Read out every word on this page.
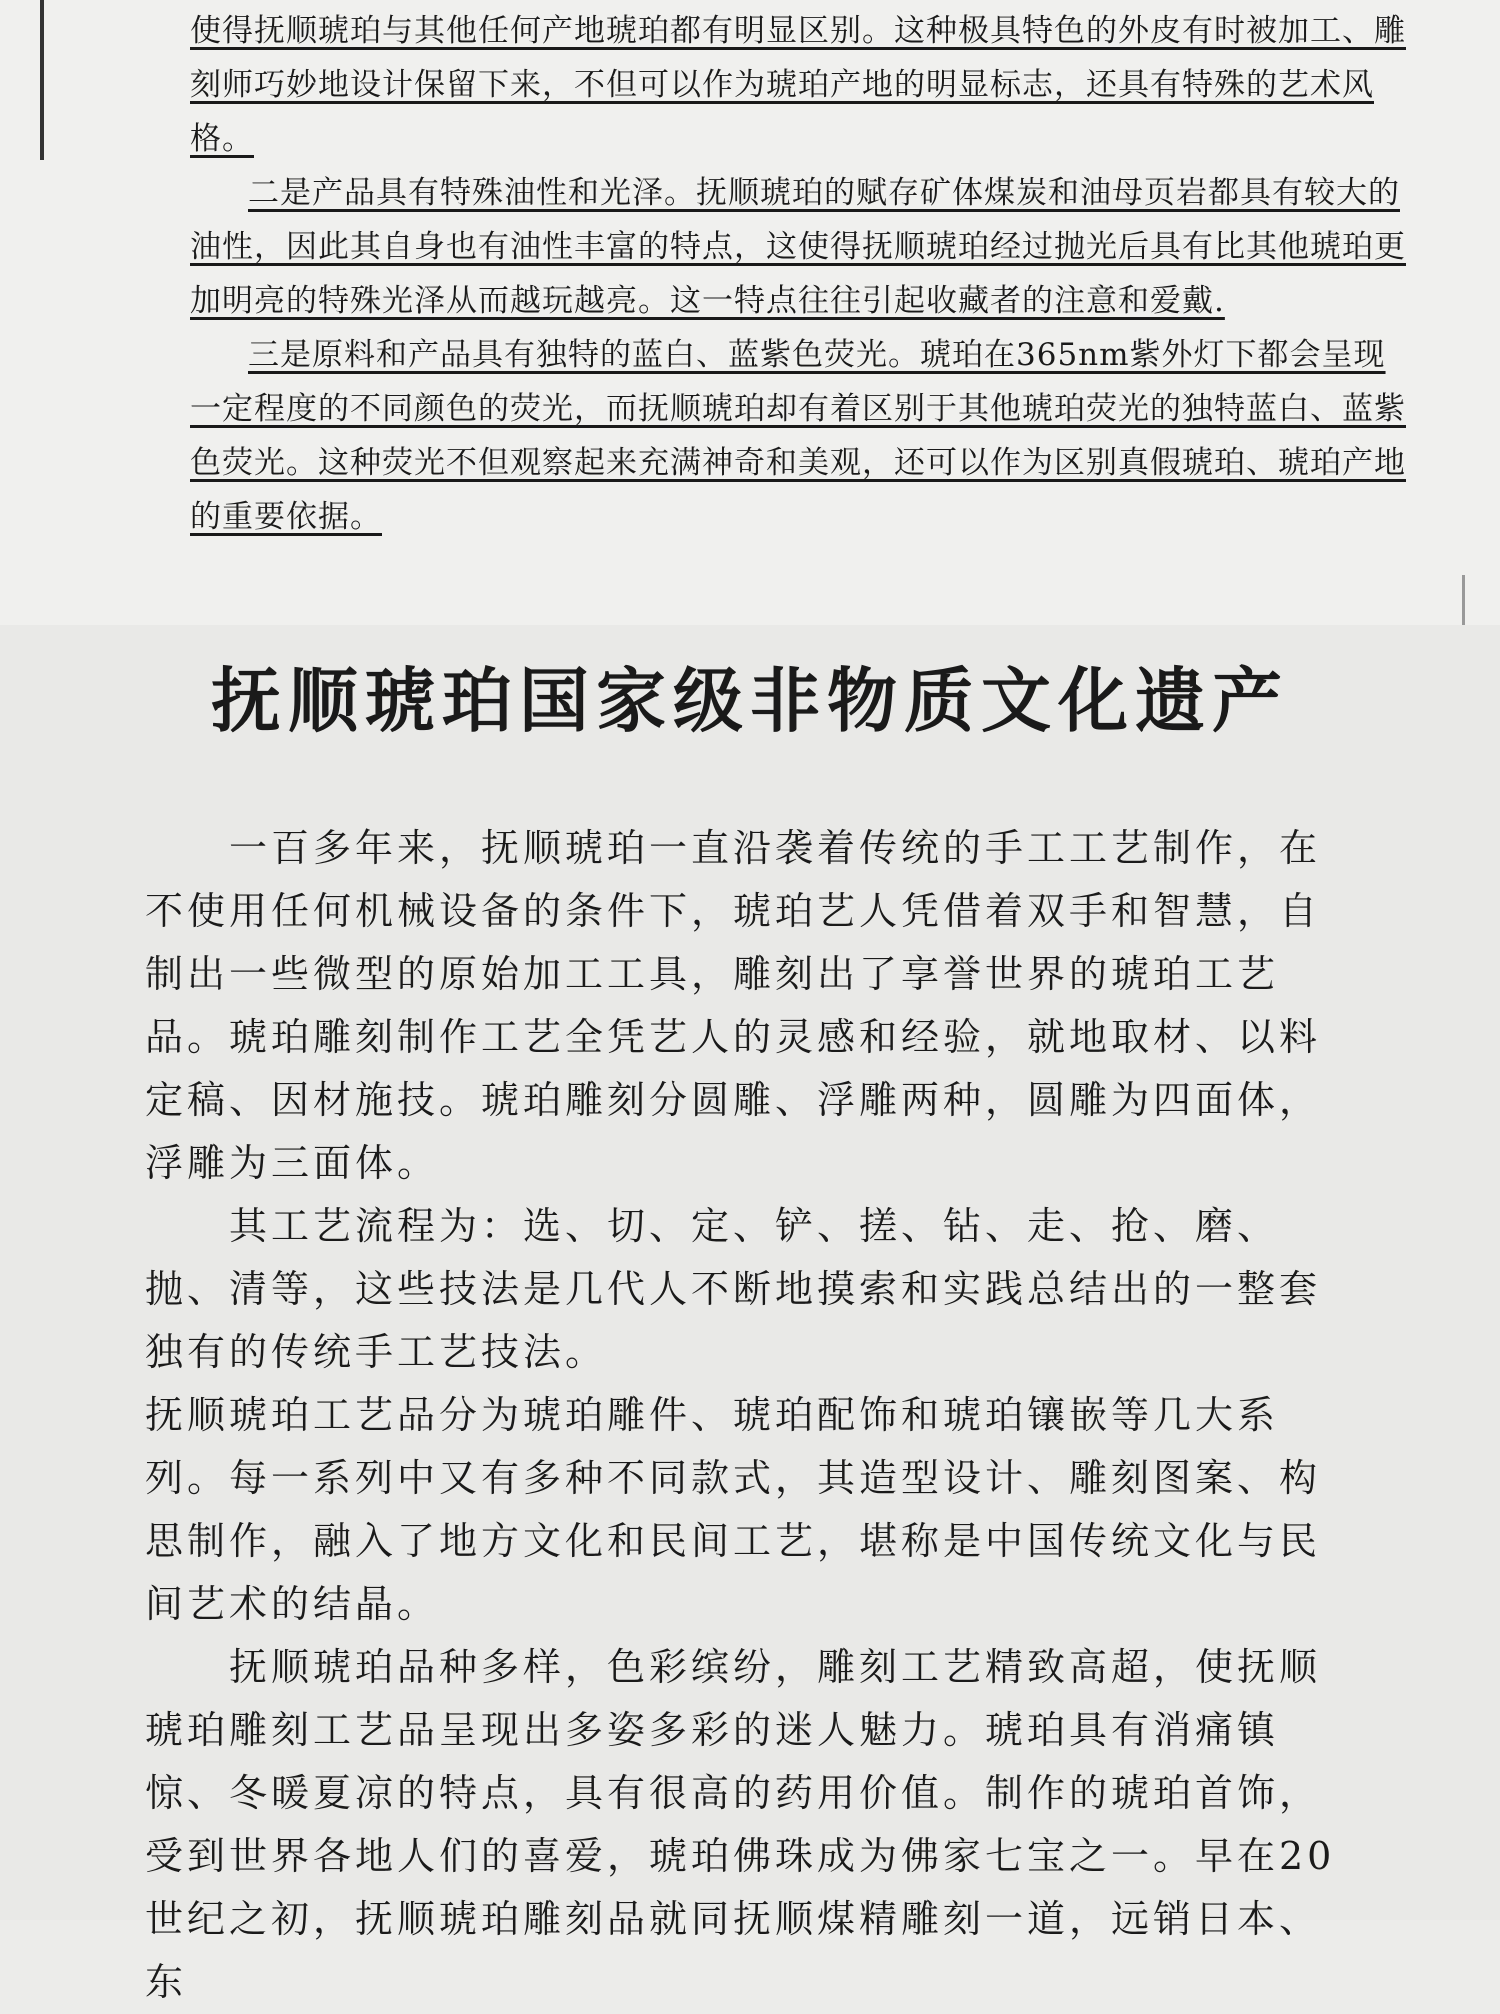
使得抚顺琥珀与其他任何产地琥珀都有明显区别。这种极具特色的外皮有时被加工、雕刻师巧妙地设计保留下来，不但可以作为琥珀产地的明显标志，还具有特殊的艺术风格。

二是产品具有特殊油性和光泽。抚顺琥珀的赋存矿体煤炭和油母页岩都具有较大的油性，因此其自身也有油性丰富的特点，这使得抚顺琥珀经过抛光后具有比其他琥珀更加明亮的特殊光泽从而越玩越亮。这一特点往往引起收藏者的注意和爱戴.

三是原料和产品具有独特的蓝白、蓝紫色荧光。琥珀在365nm紫外灯下都会呈现一定程度的不同颜色的荧光，而抚顺琥珀却有着区别于其他琥珀荧光的独特蓝白、蓝紫色荧光。这种荧光不但观察起来充满神奇和美观，还可以作为区别真假琥珀、琥珀产地的重要依据。

抚顺琥珀国家级非物质文化遗产

一百多年来，抚顺琥珀一直沿袭着传统的手工工艺制作，在不使用任何机械设备的条件下，琥珀艺人凭借着双手和智慧，自制出一些微型的原始加工工具，雕刻出了享誉世界的琥珀工艺品。琥珀雕刻制作工艺全凭艺人的灵感和经验，就地取材、以料定稿、因材施技。琥珀雕刻分圆雕、浮雕两种，圆雕为四面体，浮雕为三面体。

其工艺流程为：选、切、定、铲、搓、钻、走、抢、磨、抛、清等，这些技法是几代人不断地摸索和实践总结出的一整套独有的传统手工艺技法。

抚顺琥珀工艺品分为琥珀雕件、琥珀配饰和琥珀镶嵌等几大系列。每一系列中又有多种不同款式，其造型设计、雕刻图案、构思制作，融入了地方文化和民间工艺，堪称是中国传统文化与民间艺术的结晶。

抚顺琥珀品种多样，色彩缤纷，雕刻工艺精致高超，使抚顺琥珀雕刻工艺品呈现出多姿多彩的迷人魅力。琥珀具有消痛镇惊、冬暖夏凉的特点，具有很高的药用价值。制作的琥珀首饰，受到世界各地人们的喜爱，琥珀佛珠成为佛家七宝之一。早在20世纪之初，抚顺琥珀雕刻品就同抚顺煤精雕刻一道，远销日本、东
